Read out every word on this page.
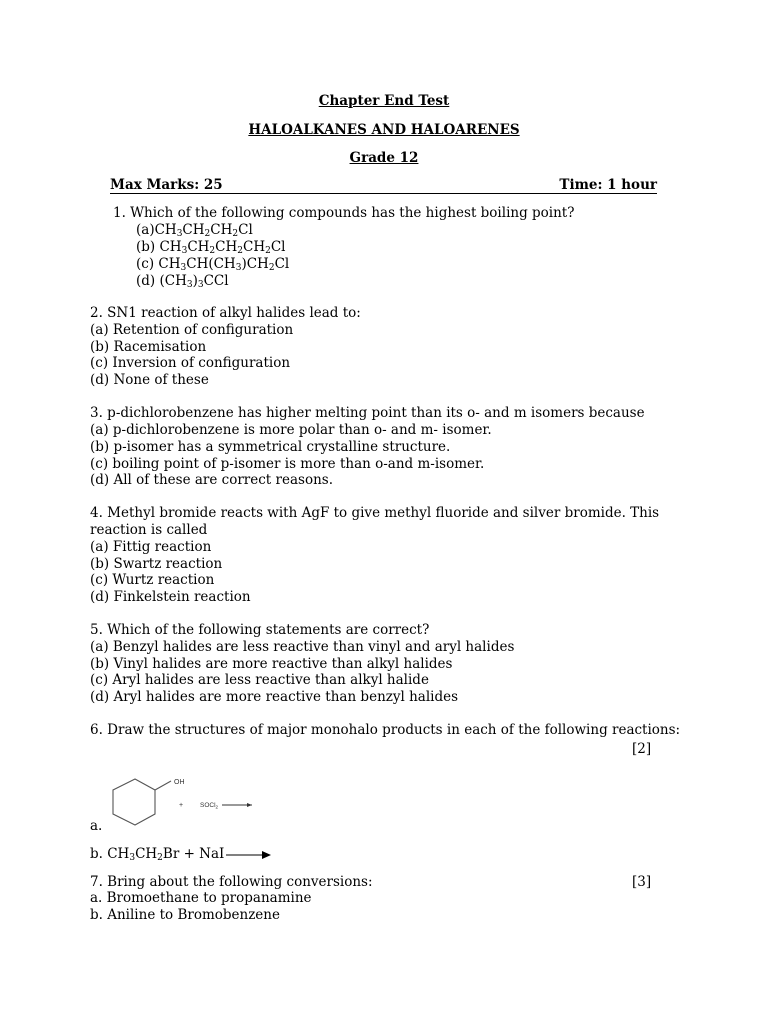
Chapter End Test
HALOALKANES AND HALOARENES
Grade 12
Max Marks: 25	Time: 1 hour
1. Which of the following compounds has the highest boiling point?
$(a)CH_3CH_2CH_2Cl$
(b) $CH_3CH_2CH_2CH_2Cl$
(c) $CH_3CH(CH_3)CH_2Cl$
(d) $(CH_3)_3CCl$
2. SN1 reaction of alkyl halides lead to:
(a) Retention of configuration
(b) Racemisation
(c) Inversion of configuration
(d) None of these
3. p-dichlorobenzene has higher melting point than its o- and m isomers because
(a) p-dichlorobenzene is more polar than o- and m- isomer.
(b) p-isomer has a symmetrical crystalline structure.
(c) boiling point of p-isomer is more than o-and m-isomer.
(d) All of these are correct reasons.
4. Methyl bromide reacts with AgF to give methyl fluoride and silver bromide. This
reaction is called
(a) Fittig reaction
(b) Swartz reaction
(c) Wurtz reaction
(d) Finkelstein reaction
5. Which of the following statements are correct?
(a) Benzyl halides are less reactive than vinyl and aryl halides
(b) Vinyl halides are more reactive than alkyl halides
(c) Aryl halides are less reactive than alkyl halide
(d) Aryl halides are more reactive than benzyl halides
6. Draw the structures of major monohalo products in each of the following reactions:
[2]
OH
+	SOCl$_2$
a.
b. $CH_3CH_2Br$ + NaI
7. Bring about the following conversions:	[3]
a. Bromoethane to propanamine
b. Aniline to Bromobenzene
